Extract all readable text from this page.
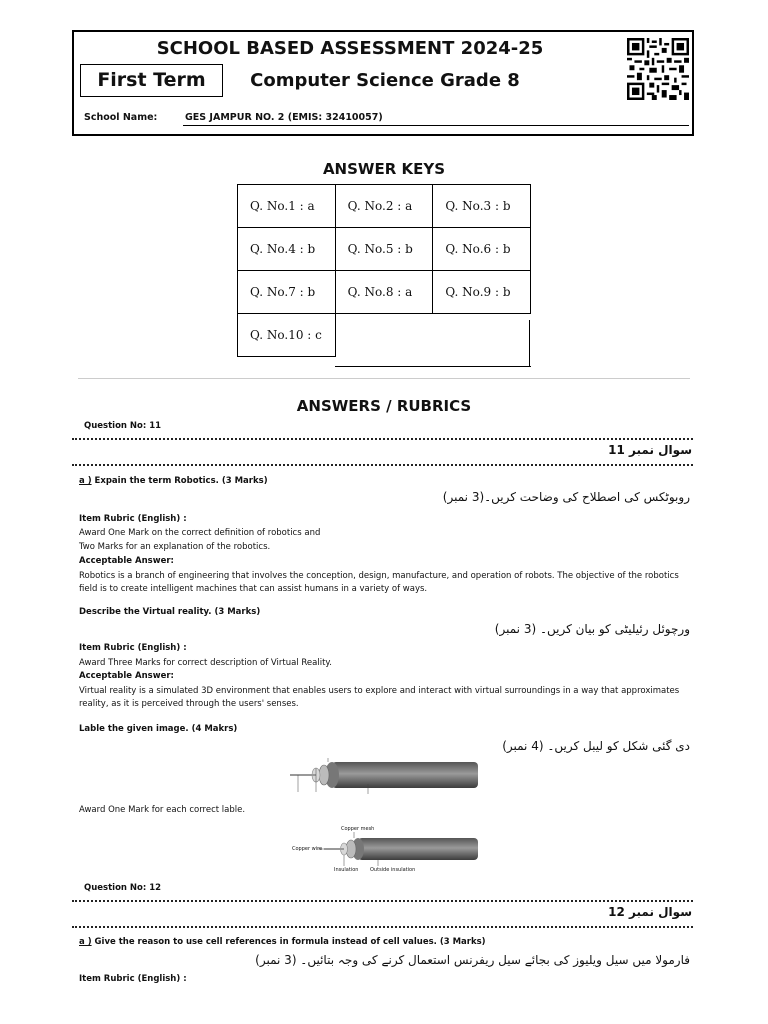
SCHOOL BASED ASSESSMENT 2024-25
First Term	Computer Science Grade 8
School Name:	GES JAMPUR NO. 2 (EMIS: 32410057)
ANSWER KEYS
Q. No.1 : a	Q. No.2 : a	Q. No.3 : b
Q. No.4 : b	Q. No.5 : b	Q. No.6 : b
Q. No.7 : b	Q. No.8 : a	Q. No.9 : b
Q. No.10 : c		
ANSWERS / RUBRICS
Question No: 11
سوال نمبر 11
a ) Expain the term Robotics. (3 Marks)
روبوٹکس کی اصطلاح کی وضاحت کریں۔(3 نمبر)
Item Rubric (English) :
Award One Mark on the correct definition of robotics and
Two Marks for an explanation of the robotics.
Acceptable Answer:
Robotics is a branch of engineering that involves the conception, design, manufacture, and operation of robots. The objective of the robotics field is to create intelligent machines that can assist humans in a variety of ways.
Describe the Virtual reality. (3 Marks)
ورچوئل رئیلیٹی کو بیان کریں۔ (3 نمبر)
Item Rubric (English) :
Award Three Marks for correct description of Virtual Reality.
Acceptable Answer:
Virtual reality is a simulated 3D environment that enables users to explore and interact with virtual surroundings in a way that approximates reality, as it is perceived through the users' senses.
Lable the given image. (4 Makrs)
دی گئی شکل کو لیبل کریں۔ (4 نمبر)
Award One Mark for each correct lable.
Copper mesh
Copper wire
Insulation Outside insulation
Question No: 12
سوال نمبر 12
a ) Give the reason to use cell references in formula instead of cell values. (3 Marks)
فارمولا میں سیل ویلیوز کی بجائے سیل ریفرنس استعمال کرنے کی وجہ بتائیں۔ (3 نمبر)
Item Rubric (English) :
